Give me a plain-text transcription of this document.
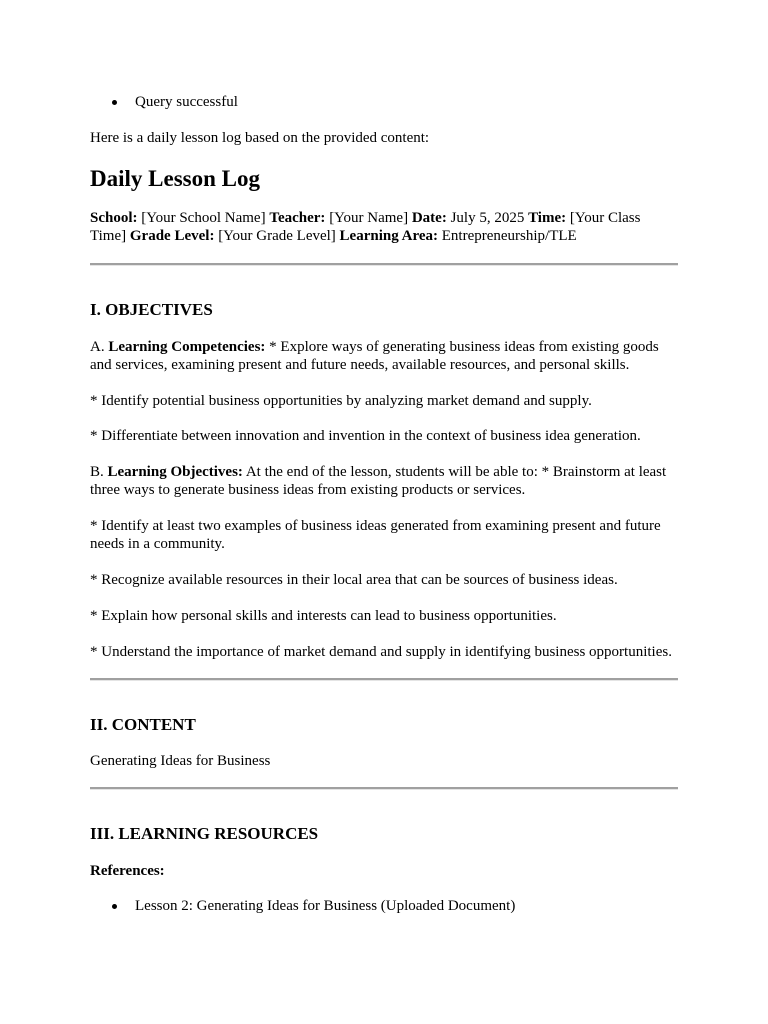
Query successful

Here is a daily lesson log based on the provided content:

Daily Lesson Log

School: [Your School Name] Teacher: [Your Name] Date: July 5, 2025 Time: [Your Class Time] Grade Level: [Your Grade Level] Learning Area: Entrepreneurship/TLE

I. OBJECTIVES

A. Learning Competencies: * Explore ways of generating business ideas from existing goods and services, examining present and future needs, available resources, and personal skills.

* Identify potential business opportunities by analyzing market demand and supply.

* Differentiate between innovation and invention in the context of business idea generation.

B. Learning Objectives: At the end of the lesson, students will be able to: * Brainstorm at least three ways to generate business ideas from existing products or services.

* Identify at least two examples of business ideas generated from examining present and future needs in a community.

* Recognize available resources in their local area that can be sources of business ideas.

* Explain how personal skills and interests can lead to business opportunities.

* Understand the importance of market demand and supply in identifying business opportunities.

II. CONTENT

Generating Ideas for Business

III. LEARNING RESOURCES

References:

Lesson 2: Generating Ideas for Business (Uploaded Document)
